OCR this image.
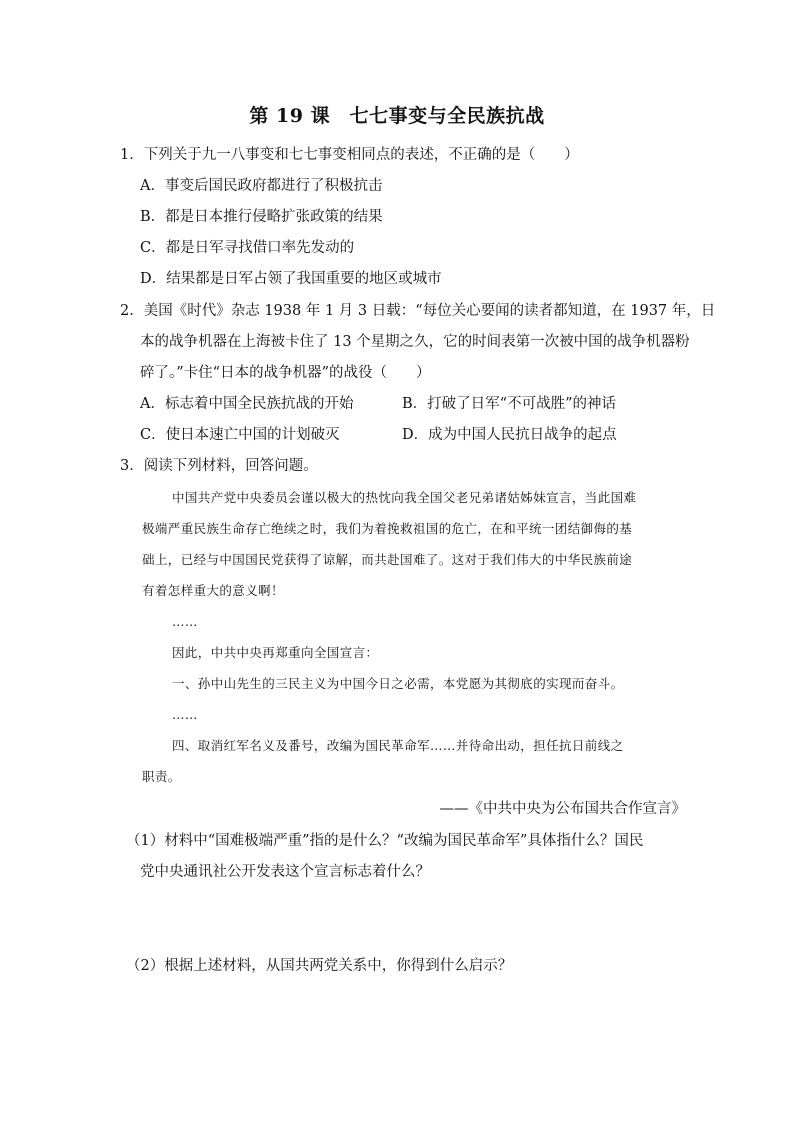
第 19 课　七七事变与全民族抗战
1．下列关于九一八事变和七七事变相同点的表述，不正确的是（　　）
A．事变后国民政府都进行了积极抗击
B．都是日本推行侵略扩张政策的结果
C．都是日军寻找借口率先发动的
D．结果都是日军占领了我国重要的地区或城市
2．美国《时代》杂志 1938 年 1 月 3 日载：“每位关心要闻的读者都知道，在 1937 年，日
本的战争机器在上海被卡住了 13 个星期之久，它的时间表第一次被中国的战争机器粉
碎了。”卡住“日本的战争机器”的战役（　　）
A．标志着中国全民族抗战的开始	B．打破了日军“不可战胜”的神话
C．使日本速亡中国的计划破灭	D．成为中国人民抗日战争的起点
3．阅读下列材料，回答问题。
中国共产党中央委员会谨以极大的热忱向我全国父老兄弟诸姑姊妹宣言，当此国难
极端严重民族生命存亡绝续之时，我们为着挽救祖国的危亡，在和平统一团结御侮的基
础上，已经与中国国民党获得了谅解，而共赴国难了。这对于我们伟大的中华民族前途
有着怎样重大的意义啊！
……
因此，中共中央再郑重向全国宣言：
一、孙中山先生的三民主义为中国今日之必需，本党愿为其彻底的实现而奋斗。
……
四、取消红军名义及番号，改编为国民革命军……并待命出动，担任抗日前线之
职责。
——《中共中央为公布国共合作宣言》
（1）材料中“国难极端严重”指的是什么？“改编为国民革命军”具体指什么？国民
党中央通讯社公开发表这个宣言标志着什么？
（2）根据上述材料，从国共两党关系中，你得到什么启示？
